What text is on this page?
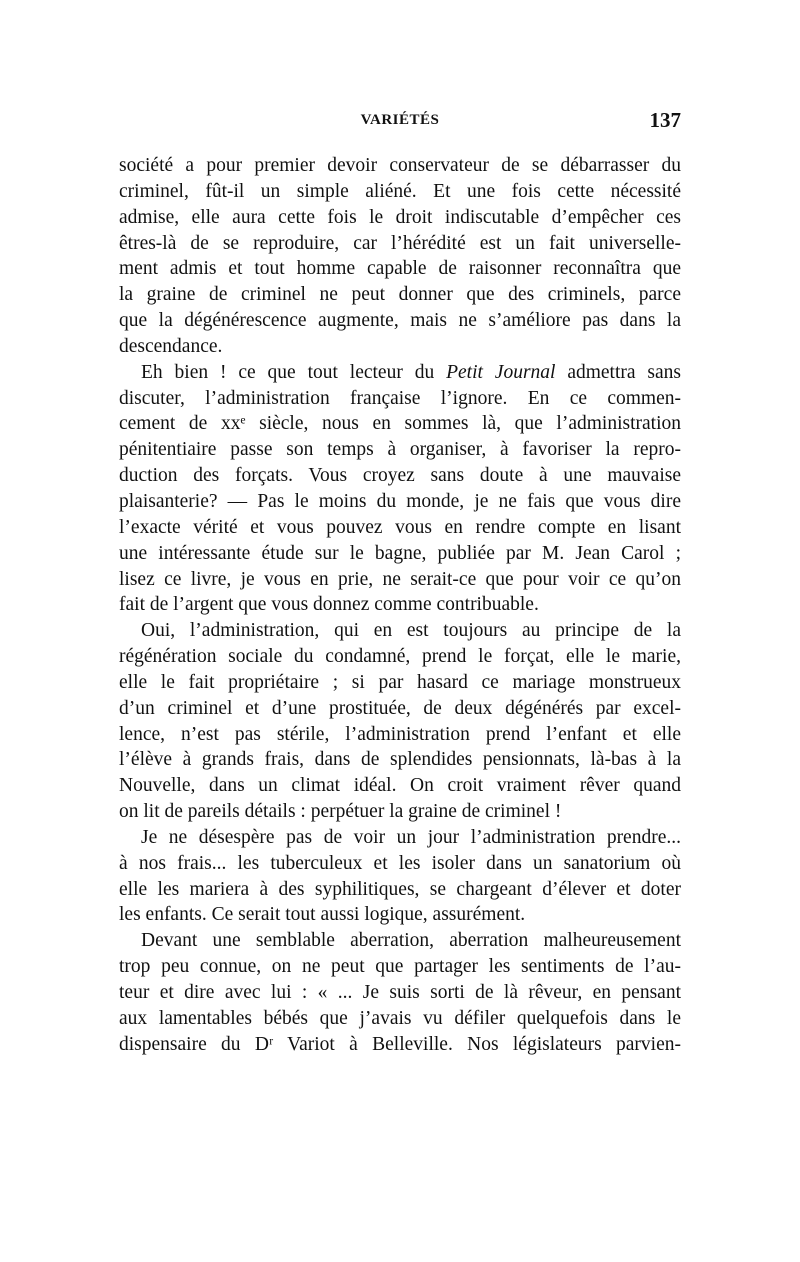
VARIÉTÉS	137
société a pour premier devoir conservateur de se débarrasser du
criminel, fût-il un simple aliéné. Et une fois cette nécessité
admise, elle aura cette fois le droit indiscutable d’empêcher ces
êtres-là de se reproduire, car l’hérédité est un fait universelle-
ment admis et tout homme capable de raisonner reconnaîtra que
la graine de criminel ne peut donner que des criminels, parce
que la dégénérescence augmente, mais ne s’améliore pas dans la
descendance.
Eh bien ! ce que tout lecteur du Petit Journal admettra sans
discuter, l’administration française l’ignore. En ce commen-
cement de xxᵉ siècle, nous en sommes là, que l’administration
pénitentiaire passe son temps à organiser, à favoriser la repro-
duction des forçats. Vous croyez sans doute à une mauvaise
plaisanterie? — Pas le moins du monde, je ne fais que vous dire
l’exacte vérité et vous pouvez vous en rendre compte en lisant
une intéressante étude sur le bagne, publiée par M. Jean Carol ;
lisez ce livre, je vous en prie, ne serait-ce que pour voir ce qu’on
fait de l’argent que vous donnez comme contribuable.
Oui, l’administration, qui en est toujours au principe de la
régénération sociale du condamné, prend le forçat, elle le marie,
elle le fait propriétaire ; si par hasard ce mariage monstrueux
d’un criminel et d’une prostituée, de deux dégénérés par excel-
lence, n’est pas stérile, l’administration prend l’enfant et elle
l’élève à grands frais, dans de splendides pensionnats, là-bas à la
Nouvelle, dans un climat idéal. On croit vraiment rêver quand
on lit de pareils détails : perpétuer la graine de criminel !
Je ne désespère pas de voir un jour l’administration prendre...
à nos frais... les tuberculeux et les isoler dans un sanatorium où
elle les mariera à des syphilitiques, se chargeant d’élever et doter
les enfants. Ce serait tout aussi logique, assurément.
Devant une semblable aberration, aberration malheureusement
trop peu connue, on ne peut que partager les sentiments de l’au-
teur et dire avec lui : « ... Je suis sorti de là rêveur, en pensant
aux lamentables bébés que j’avais vu défiler quelquefois dans le
dispensaire du Dʳ Variot à Belleville. Nos législateurs parvien-
